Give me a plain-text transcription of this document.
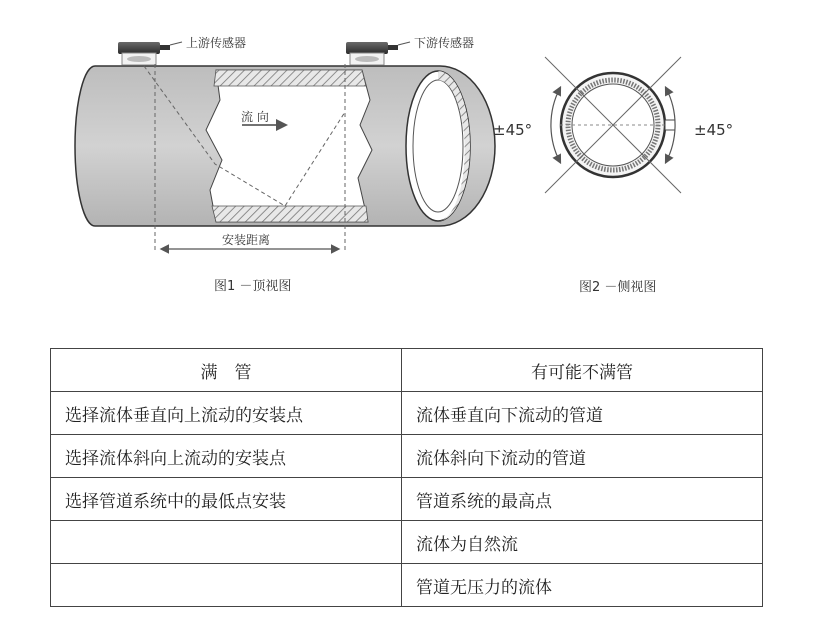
上游传感器	下游传感器
流 向
安装距离
图1 －顶视图
±45°	±45°
图2 －侧视图
满　管	有可能不满管
选择流体垂直向上流动的安装点	流体垂直向下流动的管道
选择流体斜向上流动的安装点	流体斜向下流动的管道
选择管道系统中的最低点安装	管道系统的最高点
	流体为自然流
	管道无压力的流体
